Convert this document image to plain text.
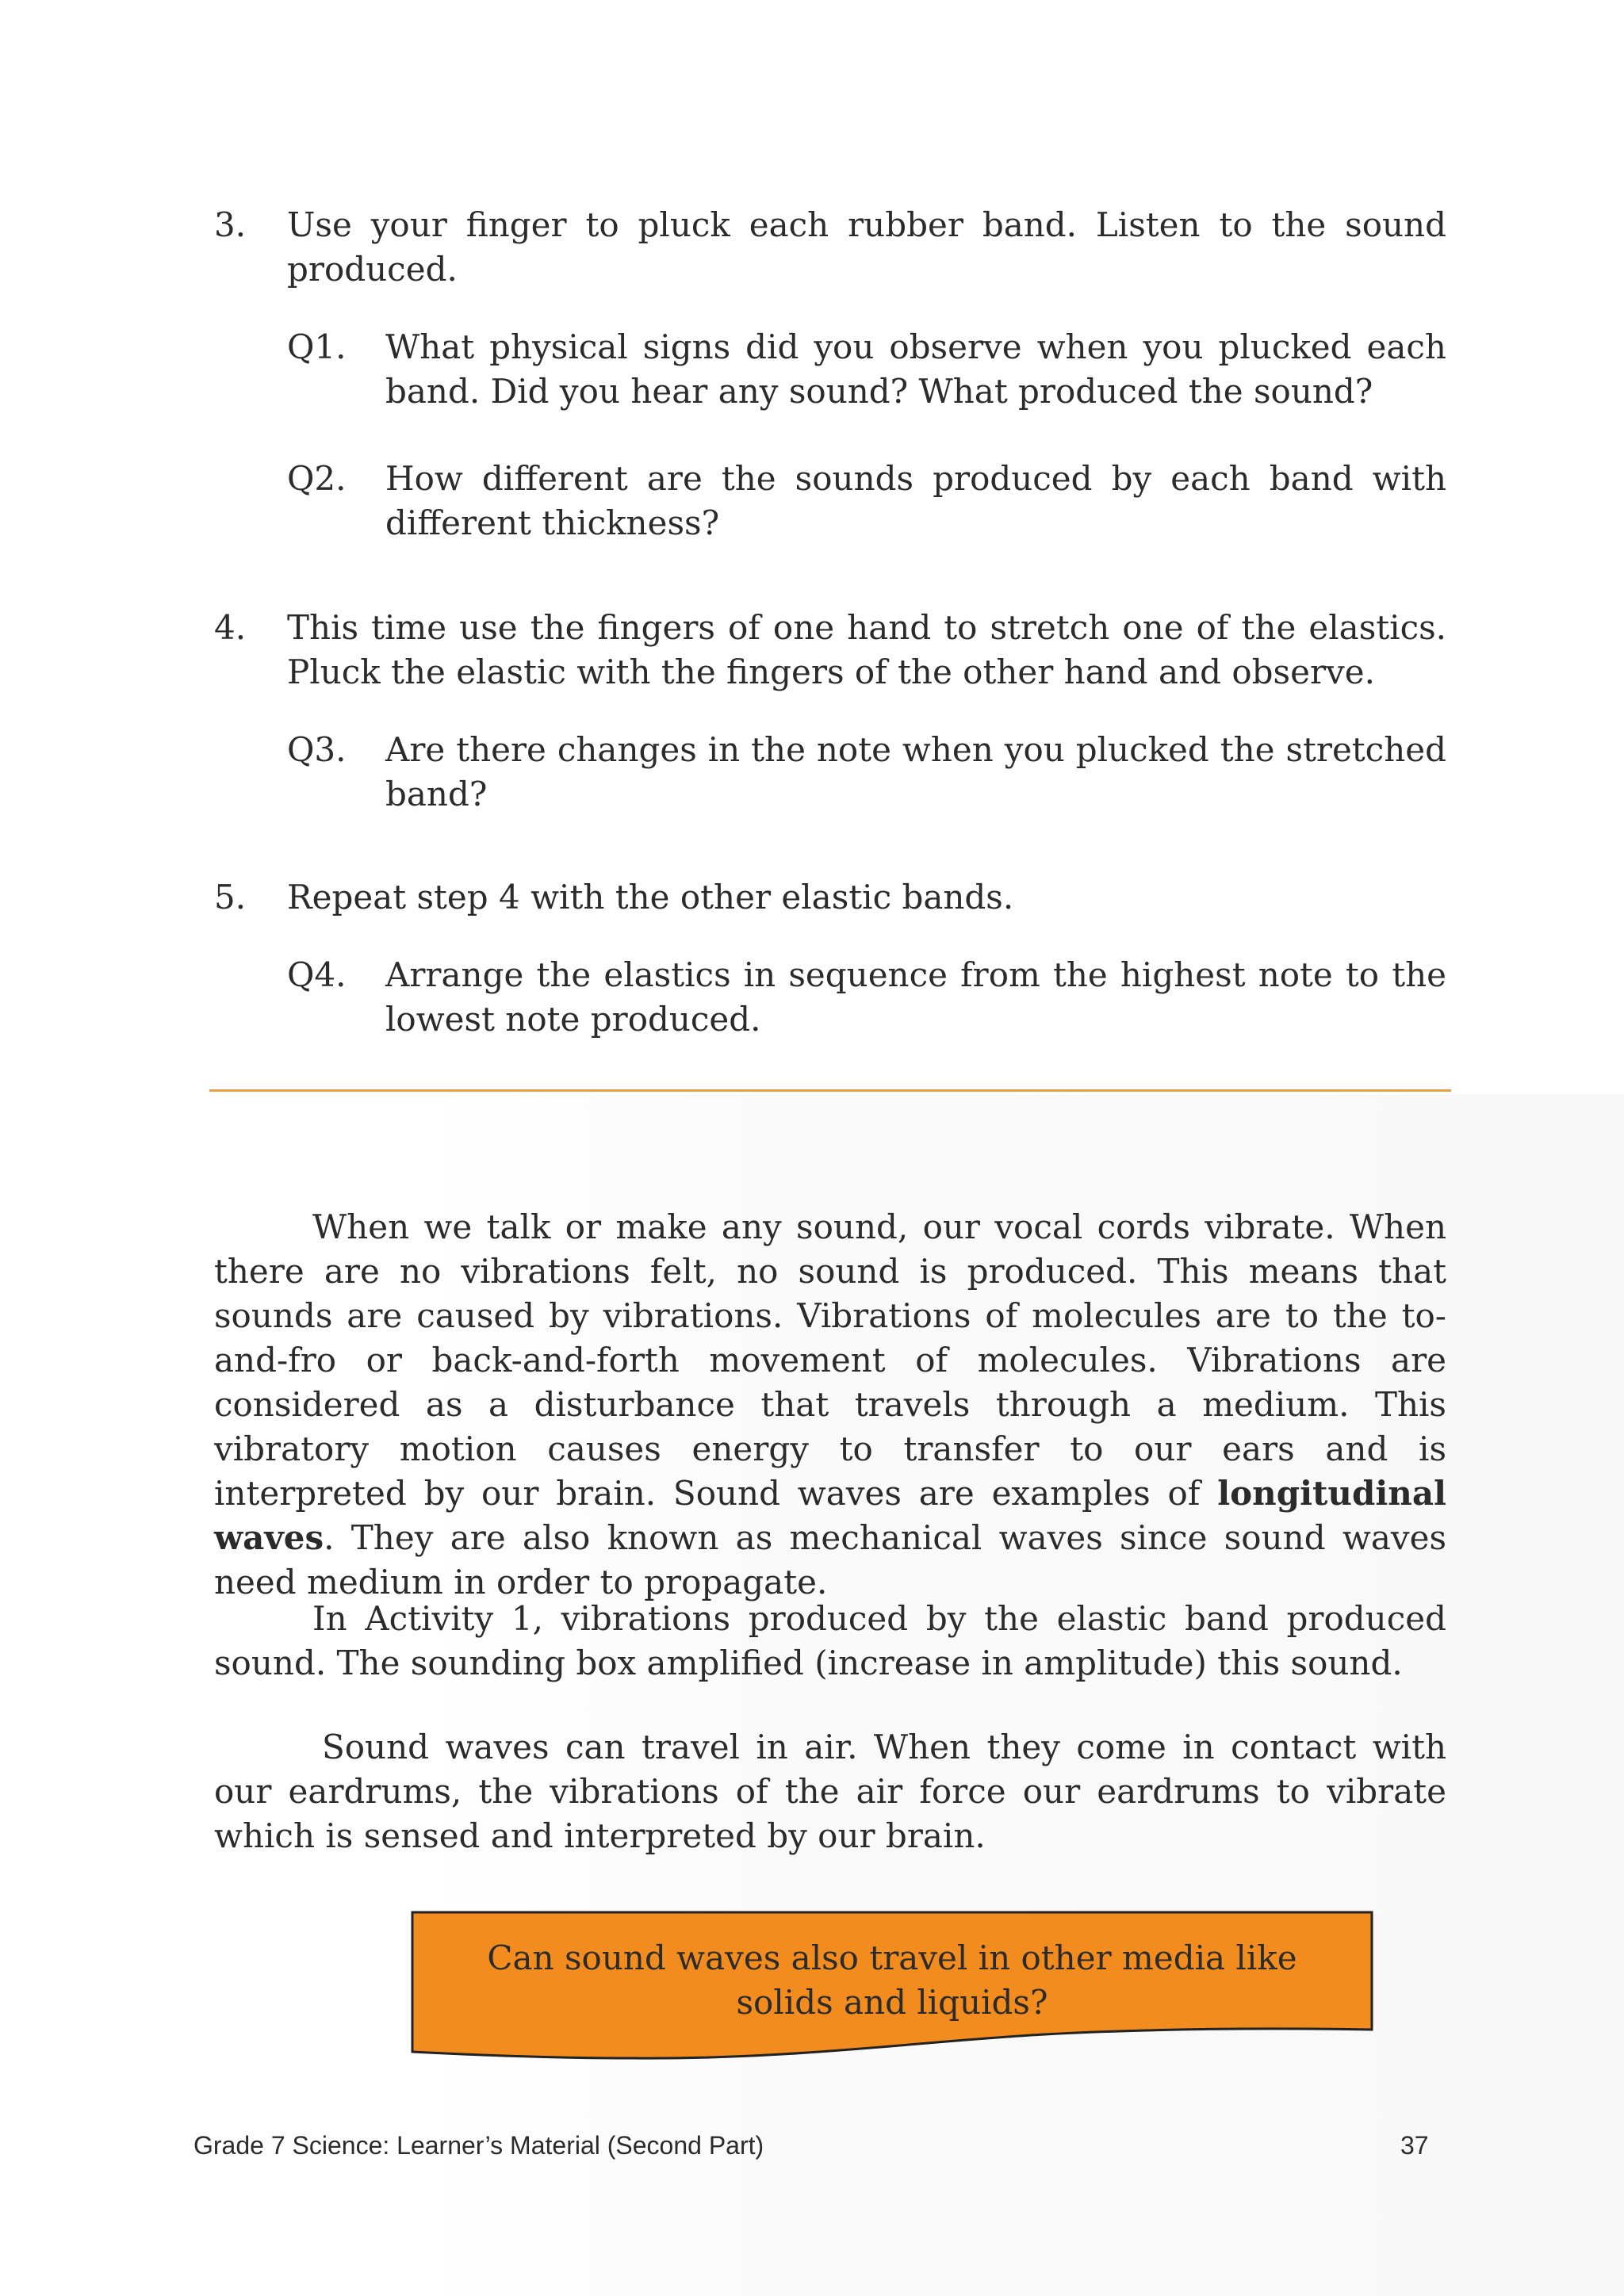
3. Use your finger to pluck each rubber band. Listen to the sound produced.
Q1. What physical signs did you observe when you plucked each band. Did you hear any sound? What produced the sound?
Q2. How different are the sounds produced by each band with different thickness?
4. This time use the fingers of one hand to stretch one of the elastics. Pluck the elastic with the fingers of the other hand and observe.
Q3. Are there changes in the note when you plucked the stretched band?
5. Repeat step 4 with the other elastic bands.
Q4. Arrange the elastics in sequence from the highest note to the lowest note produced.
When we talk or make any sound, our vocal cords vibrate. When there are no vibrations felt, no sound is produced. This means that sounds are caused by vibrations. Vibrations of molecules are to the to-and-fro or back-and-forth movement of molecules. Vibrations are considered as a disturbance that travels through a medium. This vibratory motion causes energy to transfer to our ears and is interpreted by our brain. Sound waves are examples of longitudinal waves. They are also known as mechanical waves since sound waves need medium in order to propagate.
In Activity 1, vibrations produced by the elastic band produced sound. The sounding box amplified (increase in amplitude) this sound.
Sound waves can travel in air. When they come in contact with our eardrums, the vibrations of the air force our eardrums to vibrate which is sensed and interpreted by our brain.
Can sound waves also travel in other media like solids and liquids?
Grade 7 Science: Learner’s Material (Second Part)	37
